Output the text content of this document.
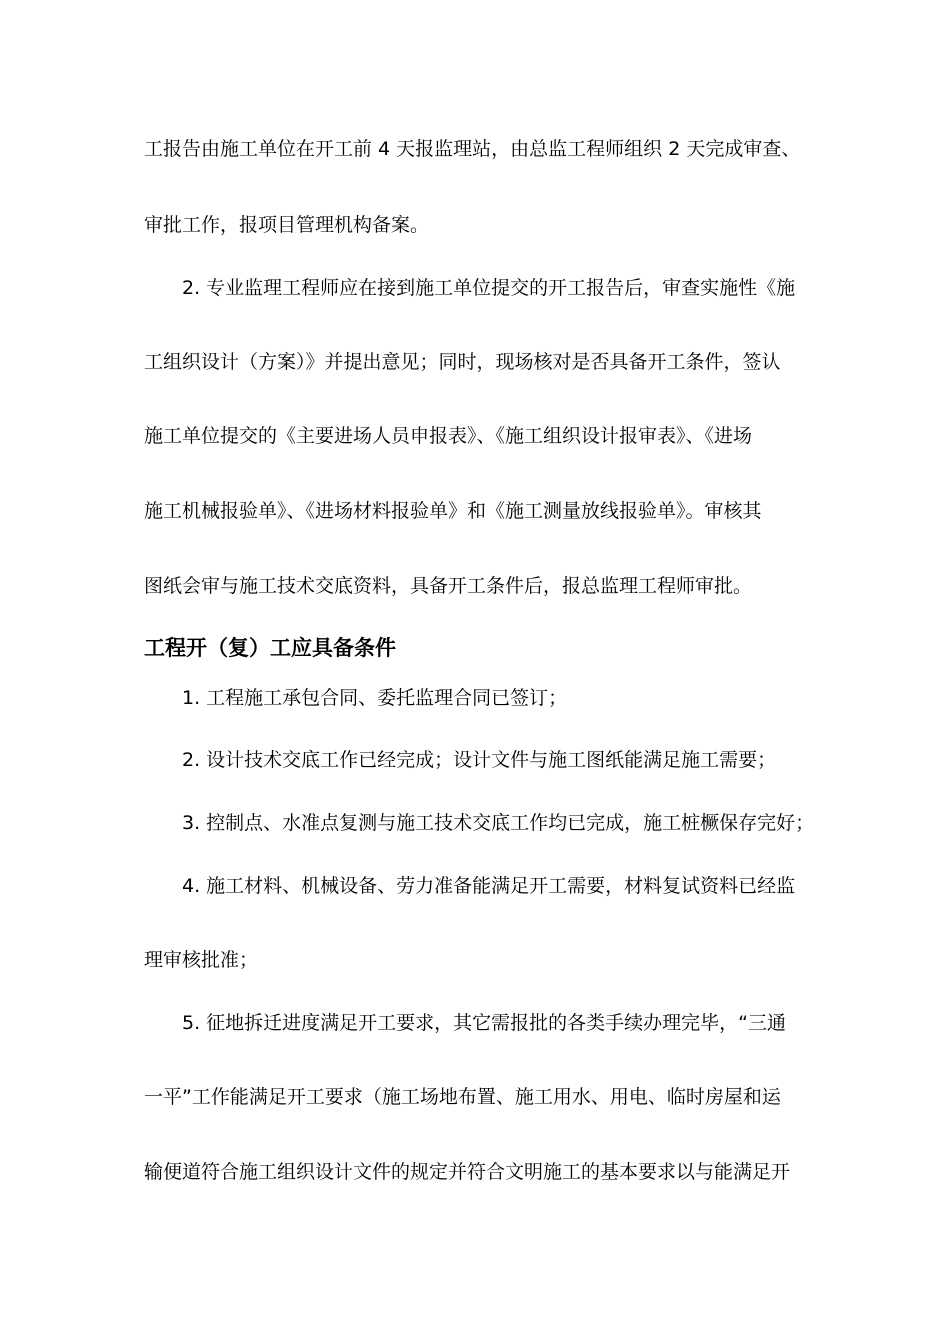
工报告由施工单位在开工前 4 天报监理站，由总监工程师组织 2 天完成审查、
审批工作，报项目管理机构备案。
2. 专业监理工程师应在接到施工单位提交的开工报告后，审查实施性《施
工组织设计（方案）》并提出意见；同时，现场核对是否具备开工条件，签认
施工单位提交的《主要进场人员申报表》、《施工组织设计报审表》、《进场
施工机械报验单》、《进场材料报验单》和《施工测量放线报验单》。审核其
图纸会审与施工技术交底资料，具备开工条件后，报总监理工程师审批。
工程开（复）工应具备条件
1. 工程施工承包合同、委托监理合同已签订；
2. 设计技术交底工作已经完成；设计文件与施工图纸能满足施工需要；
3. 控制点、水准点复测与施工技术交底工作均已完成，施工桩橛保存完好；
4. 施工材料、机械设备、劳力准备能满足开工需要，材料复试资料已经监
理审核批准；
5. 征地拆迁进度满足开工要求，其它需报批的各类手续办理完毕，“三通
一平”工作能满足开工要求（施工场地布置、施工用水、用电、临时房屋和运
输便道符合施工组织设计文件的规定并符合文明施工的基本要求以与能满足开
